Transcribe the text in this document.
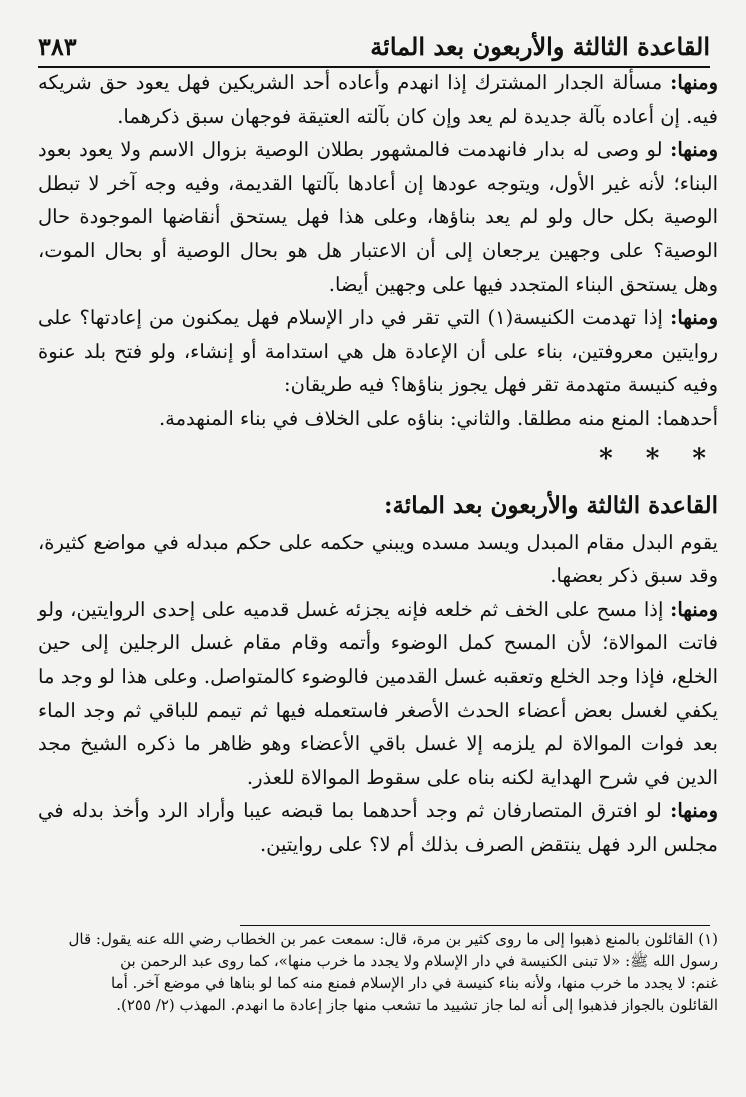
القاعدة الثالثة والأربعون بعد المائة
٣٨٣

ومنها: مسألة الجدار المشترك إذا انهدم وأعاده أحد الشريكين فهل يعود حق شريكه فيه. إن أعاده بآلة جديدة لم يعد وإن كان بآلته العتيقة فوجهان سبق ذكرهما.

ومنها: لو وصى له بدار فانهدمت فالمشهور بطلان الوصية بزوال الاسم ولا يعود بعود البناء؛ لأنه غير الأول، ويتوجه عودها إن أعادها بآلتها القديمة، وفيه وجه آخر لا تبطل الوصية بكل حال ولو لم يعد بناؤها، وعلى هذا فهل يستحق أنقاضها الموجودة حال الوصية؟ على وجهين يرجعان إلى أن الاعتبار هل هو بحال الوصية أو بحال الموت، وهل يستحق البناء المتجدد فيها على وجهين أيضا.

ومنها: إذا تهدمت الكنيسة(١) التي تقر في دار الإسلام فهل يمكنون من إعادتها؟ على روايتين معروفتين، بناء على أن الإعادة هل هي استدامة أو إنشاء، ولو فتح بلد عنوة وفيه كنيسة متهدمة تقر فهل يجوز بناؤها؟ فيه طريقان:

أحدهما: المنع منه مطلقا. والثاني: بناؤه على الخلاف في بناء المنهدمة.

* * *

القاعدة الثالثة والأربعون بعد المائة:

يقوم البدل مقام المبدل ويسد مسده ويبني حكمه على حكم مبدله في مواضع كثيرة، وقد سبق ذكر بعضها.

ومنها: إذا مسح على الخف ثم خلعه فإنه يجزئه غسل قدميه على إحدى الروايتين، ولو فاتت الموالاة؛ لأن المسح كمل الوضوء وأتمه وقام مقام غسل الرجلين إلى حين الخلع، فإذا وجد الخلع وتعقبه غسل القدمين فالوضوء كالمتواصل. وعلى هذا لو وجد ما يكفي لغسل بعض أعضاء الحدث الأصغر فاستعمله فيها ثم تيمم للباقي ثم وجد الماء بعد فوات الموالاة لم يلزمه إلا غسل باقي الأعضاء وهو ظاهر ما ذكره الشيخ مجد الدين في شرح الهداية لكنه بناه على سقوط الموالاة للعذر.

ومنها: لو افترق المتصارفان ثم وجد أحدهما بما قبضه عيبا وأراد الرد وأخذ بدله في مجلس الرد فهل ينتقض الصرف بذلك أم لا؟ على روايتين.

(١) القائلون بالمنع ذهبوا إلى ما روى كثير بن مرة، قال: سمعت عمر بن الخطاب رضي الله عنه يقول: قال

رسول الله ﷺ: «لا تبنى الكنيسة في دار الإسلام ولا يجدد ما خرب منها»، كما روى عبد الرحمن بن

غنم: لا يجدد ما خرب منها، ولأنه بناء كنيسة في دار الإسلام فمنع منه كما لو بناها في موضع آخر. أما

القائلون بالجواز فذهبوا إلى أنه لما جاز تشييد ما تشعب منها جاز إعادة ما انهدم. المهذب (٢/ ٢٥٥).
